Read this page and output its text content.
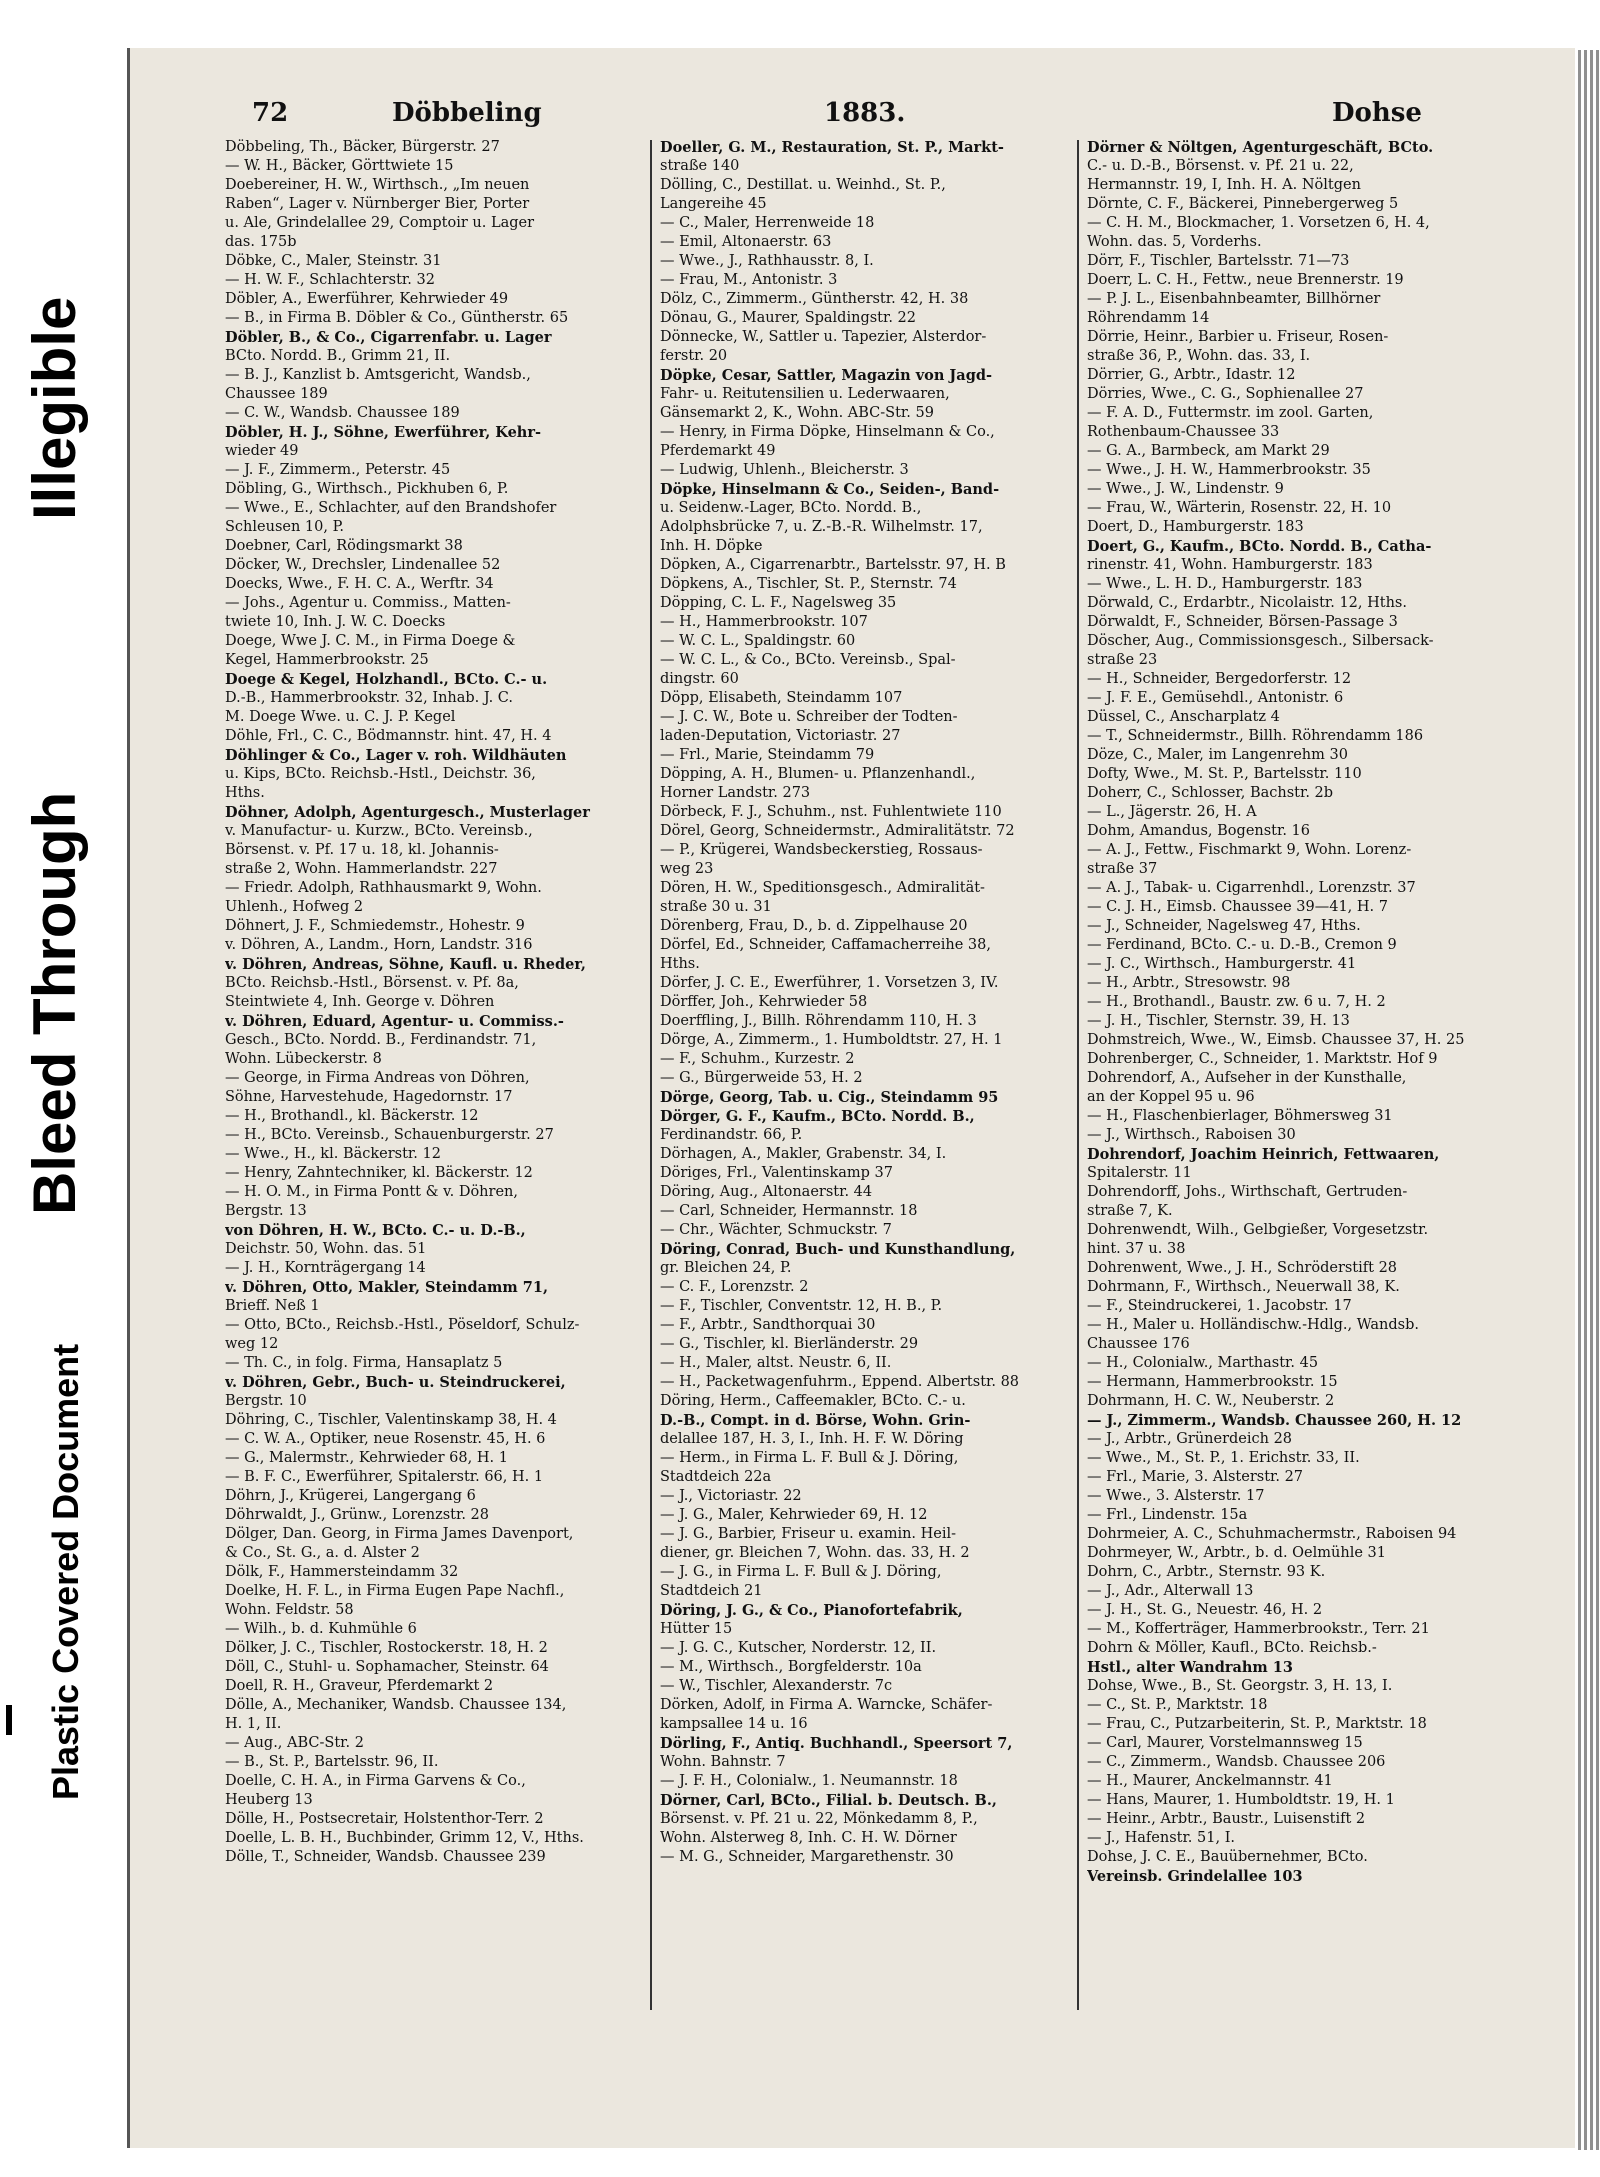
Bleed Through
Illegible
Plastic Covered Document
72	Döbbeling	1883.	Dohse
Döbbeling, Th., Bäcker, Bürgerstr. 27
— W. H., Bäcker, Görttwiete 15
Doebereiner, H. W., Wirthsch., „Im neuen
Raben“, Lager v. Nürnberger Bier, Porter
u. Ale, Grindelallee 29, Comptoir u. Lager
das. 175b
Döbke, C., Maler, Steinstr. 31
— H. W. F., Schlachterstr. 32
Döbler, A., Ewerführer, Kehrwieder 49
— B., in Firma B. Döbler & Co., Güntherstr. 65
Döbler, B., & Co., Cigarrenfabr. u. Lager
BCto. Nordd. B., Grimm 21, II.
— B. J., Kanzlist b. Amtsgericht, Wandsb.,
Chaussee 189
— C. W., Wandsb. Chaussee 189
Döbler, H. J., Söhne, Ewerführer, Kehr-
wieder 49
— J. F., Zimmerm., Peterstr. 45
Döbling, G., Wirthsch., Pickhuben 6, P.
— Wwe., E., Schlachter, auf den Brandshofer
Schleusen 10, P.
Doebner, Carl, Rödingsmarkt 38
Döcker, W., Drechsler, Lindenallee 52
Doecks, Wwe., F. H. C. A., Werftr. 34
— Johs., Agentur u. Commiss., Matten-
twiete 10, Inh. J. W. C. Doecks
Doege, Wwe J. C. M., in Firma Doege &
Kegel, Hammerbrookstr. 25
Doege & Kegel, Holzhandl., BCto. C.- u.
D.-B., Hammerbrookstr. 32, Inhab. J. C.
M. Doege Wwe. u. C. J. P. Kegel
Döhle, Frl., C. C., Bödmannstr. hint. 47, H. 4
Döhlinger & Co., Lager v. roh. Wildhäuten
u. Kips, BCto. Reichsb.-Hstl., Deichstr. 36,
Hths.
Döhner, Adolph, Agenturgesch., Musterlager
v. Manufactur- u. Kurzw., BCto. Vereinsb.,
Börsenst. v. Pf. 17 u. 18, kl. Johannis-
straße 2, Wohn. Hammerlandstr. 227
— Friedr. Adolph, Rathhausmarkt 9, Wohn.
Uhlenh., Hofweg 2
Döhnert, J. F., Schmiedemstr., Hohestr. 9
v. Döhren, A., Landm., Horn, Landstr. 316
v. Döhren, Andreas, Söhne, Kaufl. u. Rheder,
BCto. Reichsb.-Hstl., Börsenst. v. Pf. 8a,
Steintwiete 4, Inh. George v. Döhren
v. Döhren, Eduard, Agentur- u. Commiss.-
Gesch., BCto. Nordd. B., Ferdinandstr. 71,
Wohn. Lübeckerstr. 8
— George, in Firma Andreas von Döhren,
Söhne, Harvestehude, Hagedornstr. 17
— H., Brothandl., kl. Bäckerstr. 12
— H., BCto. Vereinsb., Schauenburgerstr. 27
— Wwe., H., kl. Bäckerstr. 12
— Henry, Zahntechniker, kl. Bäckerstr. 12
— H. O. M., in Firma Pontt & v. Döhren,
Bergstr. 13
von Döhren, H. W., BCto. C.- u. D.-B.,
Deichstr. 50, Wohn. das. 51
— J. H., Kornträgergang 14
v. Döhren, Otto, Makler, Steindamm 71,
Brieff. Neß 1
— Otto, BCto., Reichsb.-Hstl., Pöseldorf, Schulz-
weg 12
— Th. C., in folg. Firma, Hansaplatz 5
v. Döhren, Gebr., Buch- u. Steindruckerei,
Bergstr. 10
Döhring, C., Tischler, Valentinskamp 38, H. 4
— C. W. A., Optiker, neue Rosenstr. 45, H. 6
— G., Malermstr., Kehrwieder 68, H. 1
— B. F. C., Ewerführer, Spitalerstr. 66, H. 1
Döhrn, J., Krügerei, Langergang 6
Döhrwaldt, J., Grünw., Lorenzstr. 28
Dölger, Dan. Georg, in Firma James Davenport,
& Co., St. G., a. d. Alster 2
Dölk, F., Hammersteindamm 32
Doelke, H. F. L., in Firma Eugen Pape Nachfl.,
Wohn. Feldstr. 58
— Wilh., b. d. Kuhmühle 6
Dölker, J. C., Tischler, Rostockerstr. 18, H. 2
Döll, C., Stuhl- u. Sophamacher, Steinstr. 64
Doell, R. H., Graveur, Pferdemarkt 2
Dölle, A., Mechaniker, Wandsb. Chaussee 134,
H. 1, II.
— Aug., ABC-Str. 2
— B., St. P., Bartelsstr. 96, II.
Doelle, C. H. A., in Firma Garvens & Co.,
Heuberg 13
Dölle, H., Postsecretair, Holstenthor-Terr. 2
Doelle, L. B. H., Buchbinder, Grimm 12, V., Hths.
Dölle, T., Schneider, Wandsb. Chaussee 239
Doeller, G. M., Restauration, St. P., Markt-
straße 140
Dölling, C., Destillat. u. Weinhd., St. P.,
Langereihe 45
— C., Maler, Herrenweide 18
— Emil, Altonaerstr. 63
— Wwe., J., Rathhausstr. 8, I.
— Frau, M., Antonistr. 3
Dölz, C., Zimmerm., Güntherstr. 42, H. 38
Dönau, G., Maurer, Spaldingstr. 22
Dönnecke, W., Sattler u. Tapezier, Alsterdor-
ferstr. 20
Döpke, Cesar, Sattler, Magazin von Jagd-
Fahr- u. Reitutensilien u. Lederwaaren,
Gänsemarkt 2, K., Wohn. ABC-Str. 59
— Henry, in Firma Döpke, Hinselmann & Co.,
Pferdemarkt 49
— Ludwig, Uhlenh., Bleicherstr. 3
Döpke, Hinselmann & Co., Seiden-, Band-
u. Seidenw.-Lager, BCto. Nordd. B.,
Adolphsbrücke 7, u. Z.-B.-R. Wilhelmstr. 17,
Inh. H. Döpke
Döpken, A., Cigarrenarbtr., Bartelsstr. 97, H. B
Döpkens, A., Tischler, St. P., Sternstr. 74
Döpping, C. L. F., Nagelsweg 35
— H., Hammerbrookstr. 107
— W. C. L., Spaldingstr. 60
— W. C. L., & Co., BCto. Vereinsb., Spal-
dingstr. 60
Döpp, Elisabeth, Steindamm 107
— J. C. W., Bote u. Schreiber der Todten-
laden-Deputation, Victoriastr. 27
— Frl., Marie, Steindamm 79
Döpping, A. H., Blumen- u. Pflanzenhandl.,
Horner Landstr. 273
Dörbeck, F. J., Schuhm., nst. Fuhlentwiete 110
Dörel, Georg, Schneidermstr., Admiralitätstr. 72
— P., Krügerei, Wandsbeckerstieg, Rossaus-
weg 23
Dören, H. W., Speditionsgesch., Admiralität-
straße 30 u. 31
Dörenberg, Frau, D., b. d. Zippelhause 20
Dörfel, Ed., Schneider, Caffamacherreihe 38,
Hths.
Dörfer, J. C. E., Ewerführer, 1. Vorsetzen 3, IV.
Dörffer, Joh., Kehrwieder 58
Doerffling, J., Billh. Röhrendamm 110, H. 3
Dörge, A., Zimmerm., 1. Humboldtstr. 27, H. 1
— F., Schuhm., Kurzestr. 2
— G., Bürgerweide 53, H. 2
Dörge, Georg, Tab. u. Cig., Steindamm 95
Dörger, G. F., Kaufm., BCto. Nordd. B.,
Ferdinandstr. 66, P.
Dörhagen, A., Makler, Grabenstr. 34, I.
Döriges, Frl., Valentinskamp 37
Döring, Aug., Altonaerstr. 44
— Carl, Schneider, Hermannstr. 18
— Chr., Wächter, Schmuckstr. 7
Döring, Conrad, Buch- und Kunsthandlung,
gr. Bleichen 24, P.
— C. F., Lorenzstr. 2
— F., Tischler, Conventstr. 12, H. B., P.
— F., Arbtr., Sandthorquai 30
— G., Tischler, kl. Bierländerstr. 29
— H., Maler, altst. Neustr. 6, II.
— H., Packetwagenfuhrm., Eppend. Albertstr. 88
Döring, Herm., Caffeemakler, BCto. C.- u.
D.-B., Compt. in d. Börse, Wohn. Grin-
delallee 187, H. 3, I., Inh. H. F. W. Döring
— Herm., in Firma L. F. Bull & J. Döring,
Stadtdeich 22a
— J., Victoriastr. 22
— J. G., Maler, Kehrwieder 69, H. 12
— J. G., Barbier, Friseur u. examin. Heil-
diener, gr. Bleichen 7, Wohn. das. 33, H. 2
— J. G., in Firma L. F. Bull & J. Döring,
Stadtdeich 21
Döring, J. G., & Co., Pianofortefabrik,
Hütter 15
— J. G. C., Kutscher, Norderstr. 12, II.
— M., Wirthsch., Borgfelderstr. 10a
— W., Tischler, Alexanderstr. 7c
Dörken, Adolf, in Firma A. Warncke, Schäfer-
kampsallee 14 u. 16
Dörling, F., Antiq. Buchhandl., Speersort 7,
Wohn. Bahnstr. 7
— J. F. H., Colonialw., 1. Neumannstr. 18
Dörner, Carl, BCto., Filial. b. Deutsch. B.,
Börsenst. v. Pf. 21 u. 22, Mönkedamm 8, P.,
Wohn. Alsterweg 8, Inh. C. H. W. Dörner
— M. G., Schneider, Margarethenstr. 30
Dörner & Nöltgen, Agenturgeschäft, BCto.
C.- u. D.-B., Börsenst. v. Pf. 21 u. 22,
Hermannstr. 19, I, Inh. H. A. Nöltgen
Dörnte, C. F., Bäckerei, Pinnebergerweg 5
— C. H. M., Blockmacher, 1. Vorsetzen 6, H. 4,
Wohn. das. 5, Vorderhs.
Dörr, F., Tischler, Bartelsstr. 71—73
Doerr, L. C. H., Fettw., neue Brennerstr. 19
— P. J. L., Eisenbahnbeamter, Billhörner
Röhrendamm 14
Dörrie, Heinr., Barbier u. Friseur, Rosen-
straße 36, P., Wohn. das. 33, I.
Dörrier, G., Arbtr., Idastr. 12
Dörries, Wwe., C. G., Sophienallee 27
— F. A. D., Futtermstr. im zool. Garten,
Rothenbaum-Chaussee 33
— G. A., Barmbeck, am Markt 29
— Wwe., J. H. W., Hammerbrookstr. 35
— Wwe., J. W., Lindenstr. 9
— Frau, W., Wärterin, Rosenstr. 22, H. 10
Doert, D., Hamburgerstr. 183
Doert, G., Kaufm., BCto. Nordd. B., Catha-
rinenstr. 41, Wohn. Hamburgerstr. 183
— Wwe., L. H. D., Hamburgerstr. 183
Dörwald, C., Erdarbtr., Nicolaistr. 12, Hths.
Dörwaldt, F., Schneider, Börsen-Passage 3
Döscher, Aug., Commissionsgesch., Silbersack-
straße 23
— H., Schneider, Bergedorferstr. 12
— J. F. E., Gemüsehdl., Antonistr. 6
Düssel, C., Anscharplatz 4
— T., Schneidermstr., Billh. Röhrendamm 186
Döze, C., Maler, im Langenrehm 30
Dofty, Wwe., M. St. P., Bartelsstr. 110
Doherr, C., Schlosser, Bachstr. 2b
— L., Jägerstr. 26, H. A
Dohm, Amandus, Bogenstr. 16
— A. J., Fettw., Fischmarkt 9, Wohn. Lorenz-
straße 37
— A. J., Tabak- u. Cigarrenhdl., Lorenzstr. 37
— C. J. H., Eimsb. Chaussee 39—41, H. 7
— J., Schneider, Nagelsweg 47, Hths.
— Ferdinand, BCto. C.- u. D.-B., Cremon 9
— J. C., Wirthsch., Hamburgerstr. 41
— H., Arbtr., Stresowstr. 98
— H., Brothandl., Baustr. zw. 6 u. 7, H. 2
— J. H., Tischler, Sternstr. 39, H. 13
Dohmstreich, Wwe., W., Eimsb. Chaussee 37, H. 25
Dohrenberger, C., Schneider, 1. Marktstr. Hof 9
Dohrendorf, A., Aufseher in der Kunsthalle,
an der Koppel 95 u. 96
— H., Flaschenbierlager, Böhmersweg 31
— J., Wirthsch., Raboisen 30
Dohrendorf, Joachim Heinrich, Fettwaaren,
Spitalerstr. 11
Dohrendorff, Johs., Wirthschaft, Gertruden-
straße 7, K.
Dohrenwendt, Wilh., Gelbgießer, Vorgesetzstr.
hint. 37 u. 38
Dohrenwent, Wwe., J. H., Schröderstift 28
Dohrmann, F., Wirthsch., Neuerwall 38, K.
— F., Steindruckerei, 1. Jacobstr. 17
— H., Maler u. Holländischw.-Hdlg., Wandsb.
Chaussee 176
— H., Colonialw., Marthastr. 45
— Hermann, Hammerbrookstr. 15
Dohrmann, H. C. W., Neuberstr. 2
— J., Zimmerm., Wandsb. Chaussee 260, H. 12
— J., Arbtr., Grünerdeich 28
— Wwe., M., St. P., 1. Erichstr. 33, II.
— Frl., Marie, 3. Alsterstr. 27
— Wwe., 3. Alsterstr. 17
— Frl., Lindenstr. 15a
Dohrmeier, A. C., Schuhmachermstr., Raboisen 94
Dohrmeyer, W., Arbtr., b. d. Oelmühle 31
Dohrn, C., Arbtr., Sternstr. 93 K.
— J., Adr., Alterwall 13
— J. H., St. G., Neuestr. 46, H. 2
— M., Kofferträger, Hammerbrookstr., Terr. 21
Dohrn & Möller, Kaufl., BCto. Reichsb.-
Hstl., alter Wandrahm 13
Dohse, Wwe., B., St. Georgstr. 3, H. 13, I.
— C., St. P., Marktstr. 18
— Frau, C., Putzarbeiterin, St. P., Marktstr. 18
— Carl, Maurer, Vorstelmannsweg 15
— C., Zimmerm., Wandsb. Chaussee 206
— H., Maurer, Anckelmannstr. 41
— Hans, Maurer, 1. Humboldtstr. 19, H. 1
— Heinr., Arbtr., Baustr., Luisenstift 2
— J., Hafenstr. 51, I.
Dohse, J. C. E., Bauübernehmer, BCto.
Vereinsb. Grindelallee 103
